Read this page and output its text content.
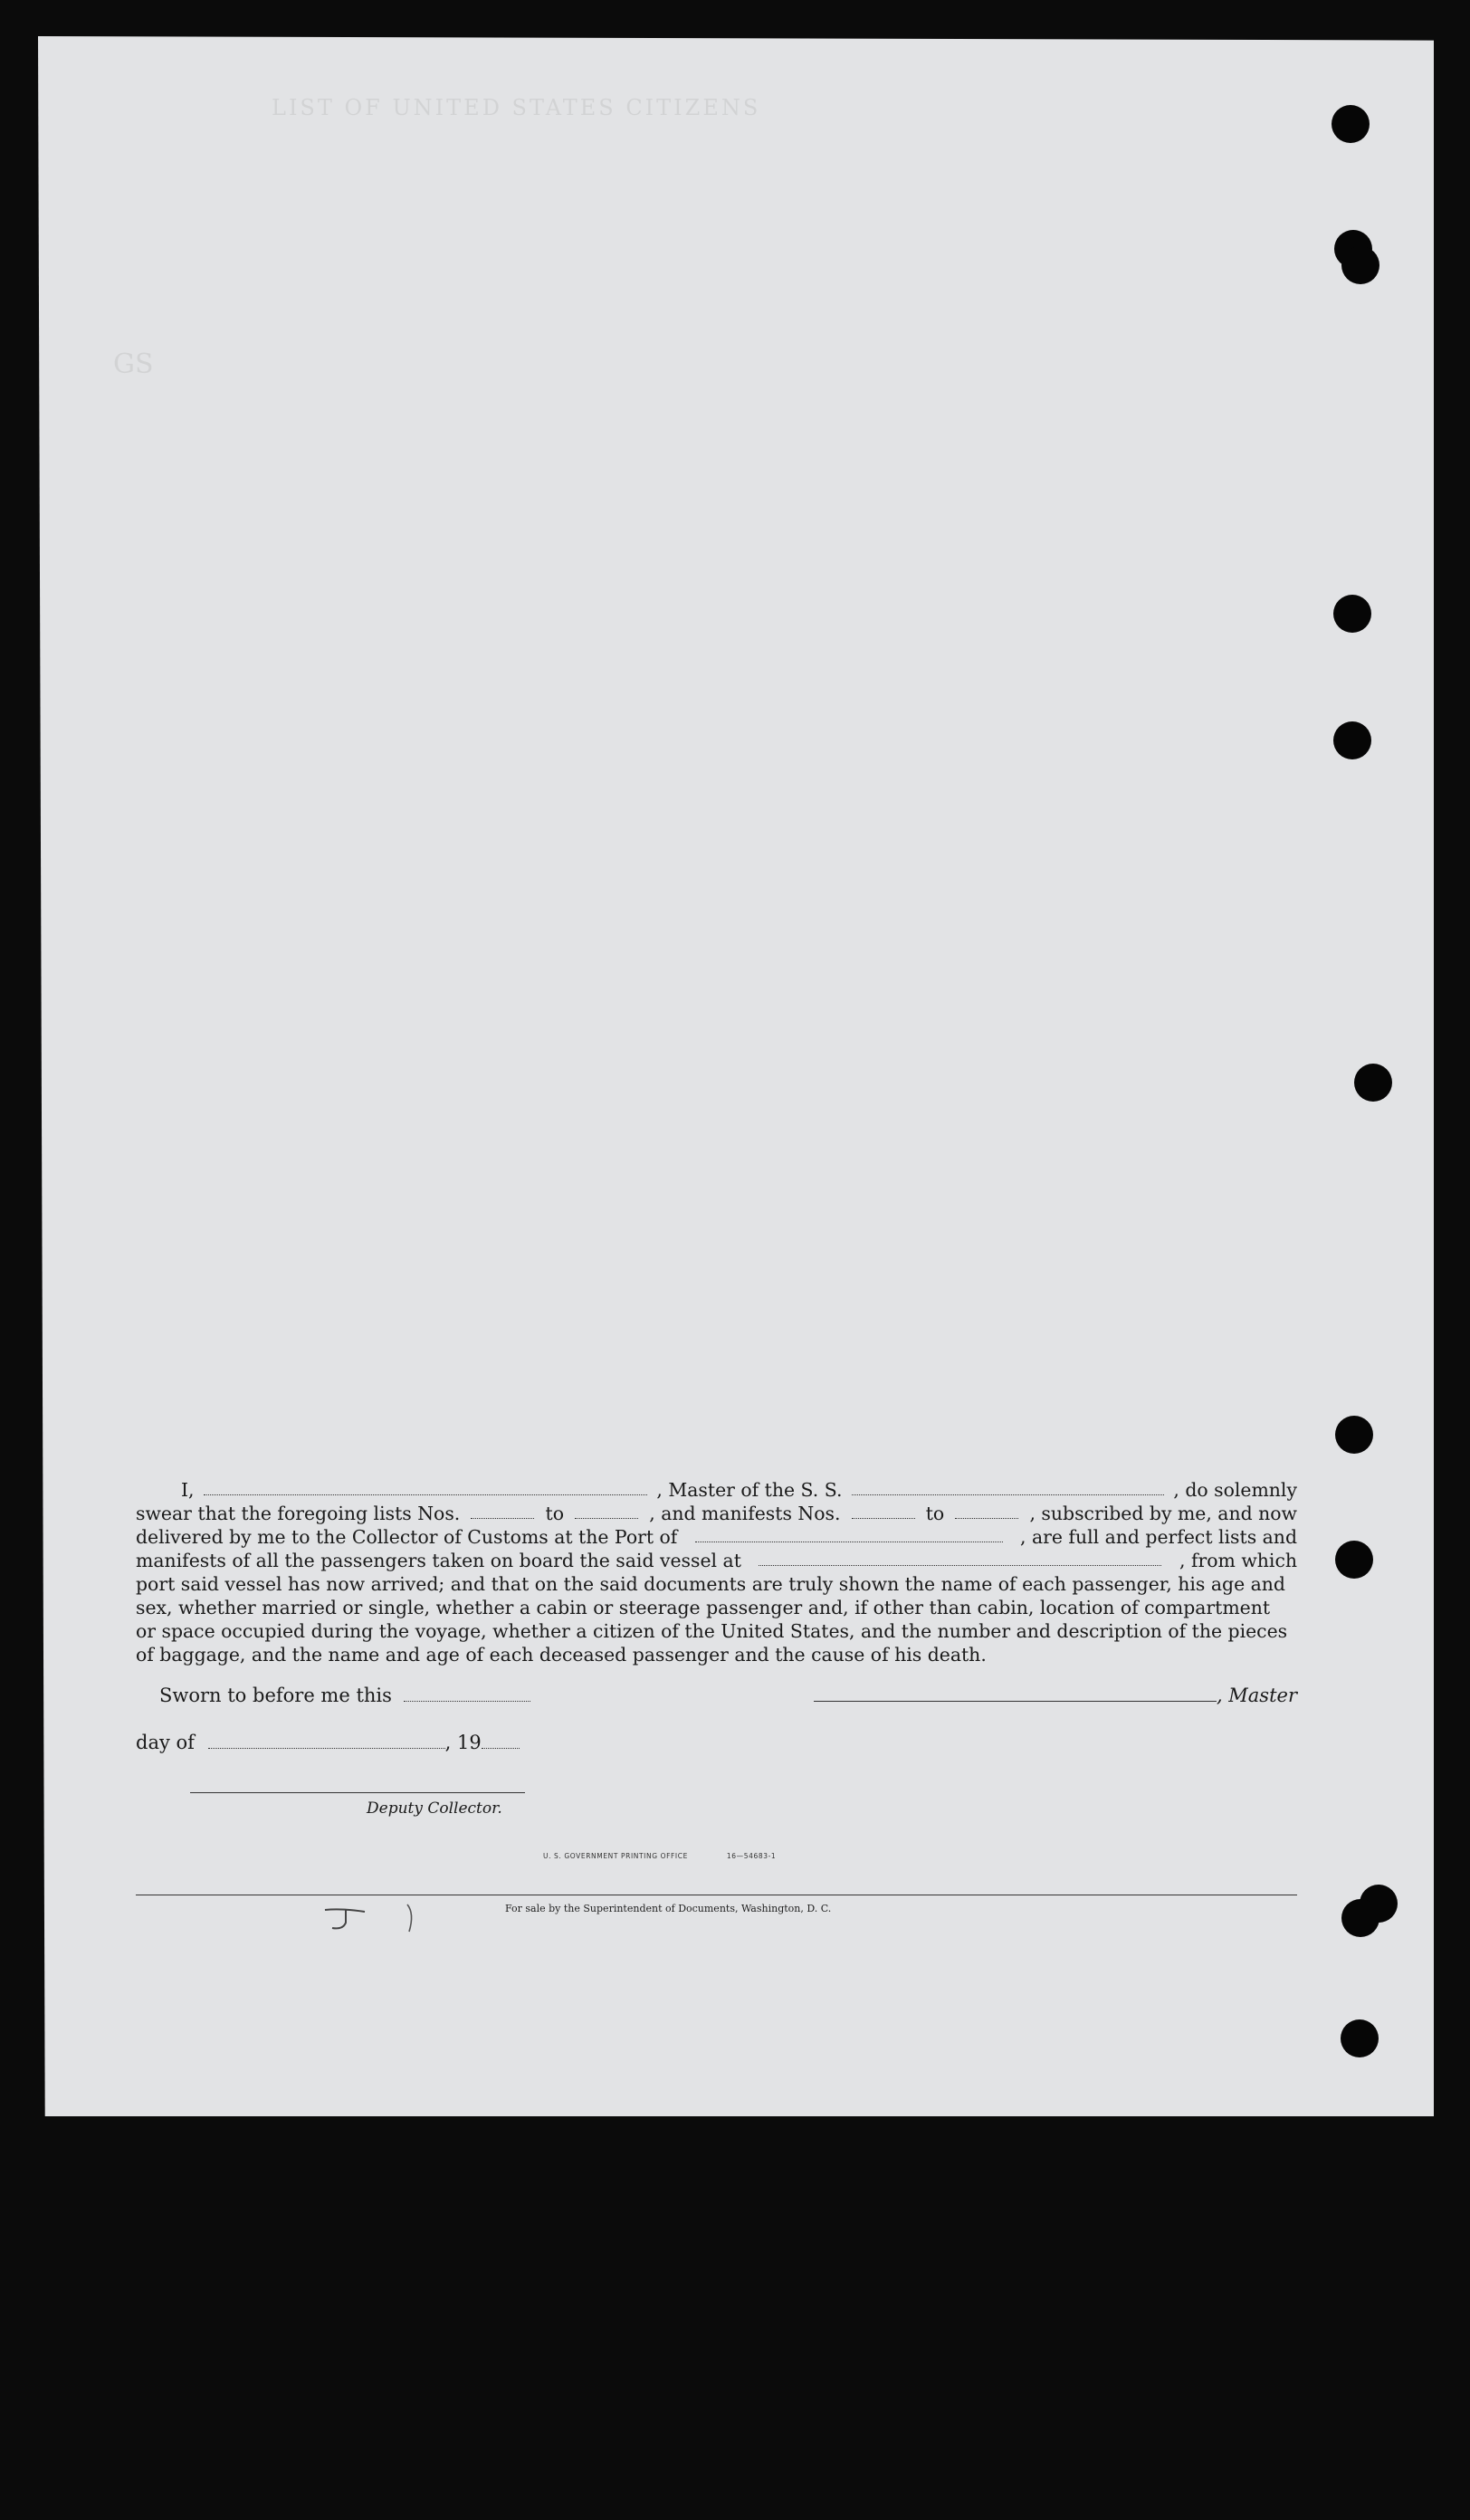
LIST OF UNITED STATES CITIZENS
GS
I,	, Master of the S. S.	, do solemnly
swear that the foregoing lists Nos.	to	, and manifests Nos.	to	, subscribed by me, and now
delivered by me to the Collector of Customs at the Port of	, are full and perfect lists and
manifests of all the passengers taken on board the said vessel at	, from which
port said vessel has now arrived; and that on the said documents are truly shown the name of each passenger, his age and
sex, whether married or single, whether a cabin or steerage passenger and, if other than cabin, location of compartment
or space occupied during the voyage, whether a citizen of the United States, and the number and description of the pieces
of baggage, and the name and age of each deceased passenger and the cause of his death.
Sworn to before me this	, Master
day of	, 19
Deputy Collector.
U. S. GOVERNMENT PRINTING OFFICE	16—54683-1
For sale by the Superintendent of Documents, Washington, D. C.
